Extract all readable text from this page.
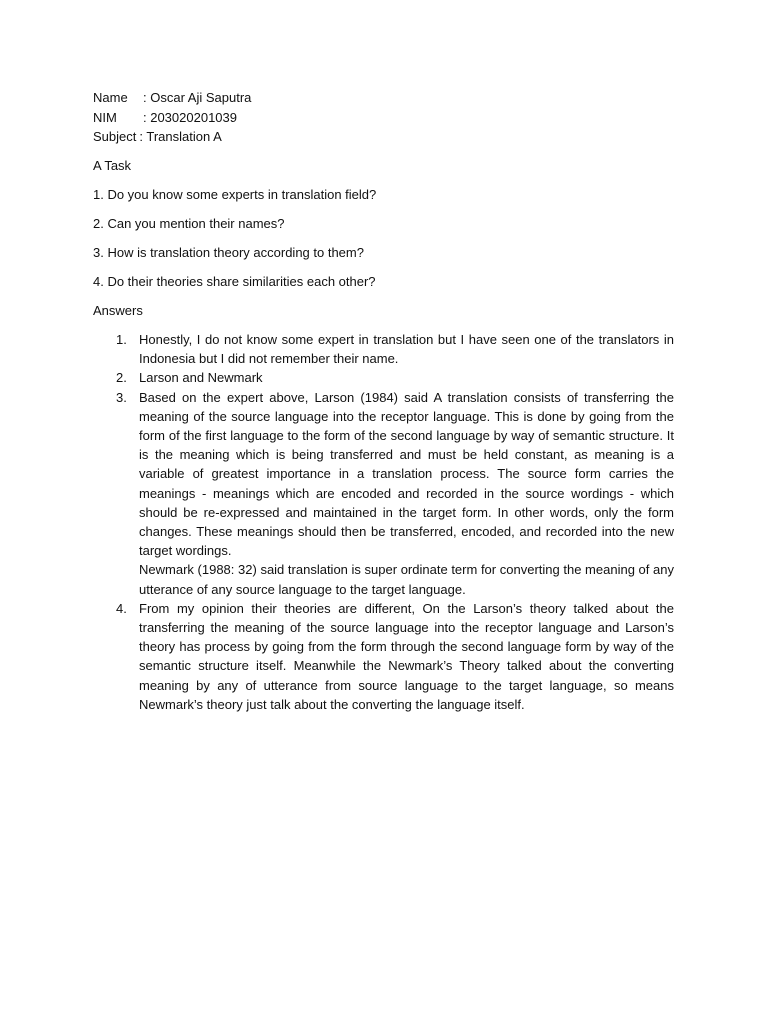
Name	: Oscar Aji Saputra
NIM	: 203020201039
Subject : Translation A
A Task
1. Do you know some experts in translation field?
2. Can you mention their names?
3. How is translation theory according to them?
4. Do their theories share similarities each other?
Answers
1. Honestly, I do not know some expert in translation but I have seen one of the translators in Indonesia but I did not remember their name.

2. Larson and Newmark

3. Based on the expert above, Larson (1984) said A translation consists of transferring the meaning of the source language into the receptor language. This is done by going from the form of the first language to the form of the second language by way of semantic structure. It is the meaning which is being transferred and must be held constant, as meaning is a variable of greatest importance in a translation process. The source form carries the meanings - meanings which are encoded and recorded in the source wordings - which should be re-expressed and maintained in the target form. In other words, only the form changes. These meanings should then be transferred, encoded, and recorded into the new target wordings.

Newmark (1988: 32) said translation is super ordinate term for converting the meaning of any utterance of any source language to the target language.

4. From my opinion their theories are different, On the Larson’s theory talked about the transferring the meaning of the source language into the receptor language and Larson’s theory has process by going from the form through the second language form by way of the semantic structure itself. Meanwhile the Newmark’s Theory talked about the converting meaning by any of utterance from source language to the target language, so means Newmark’s theory just talk about the converting the language itself.
